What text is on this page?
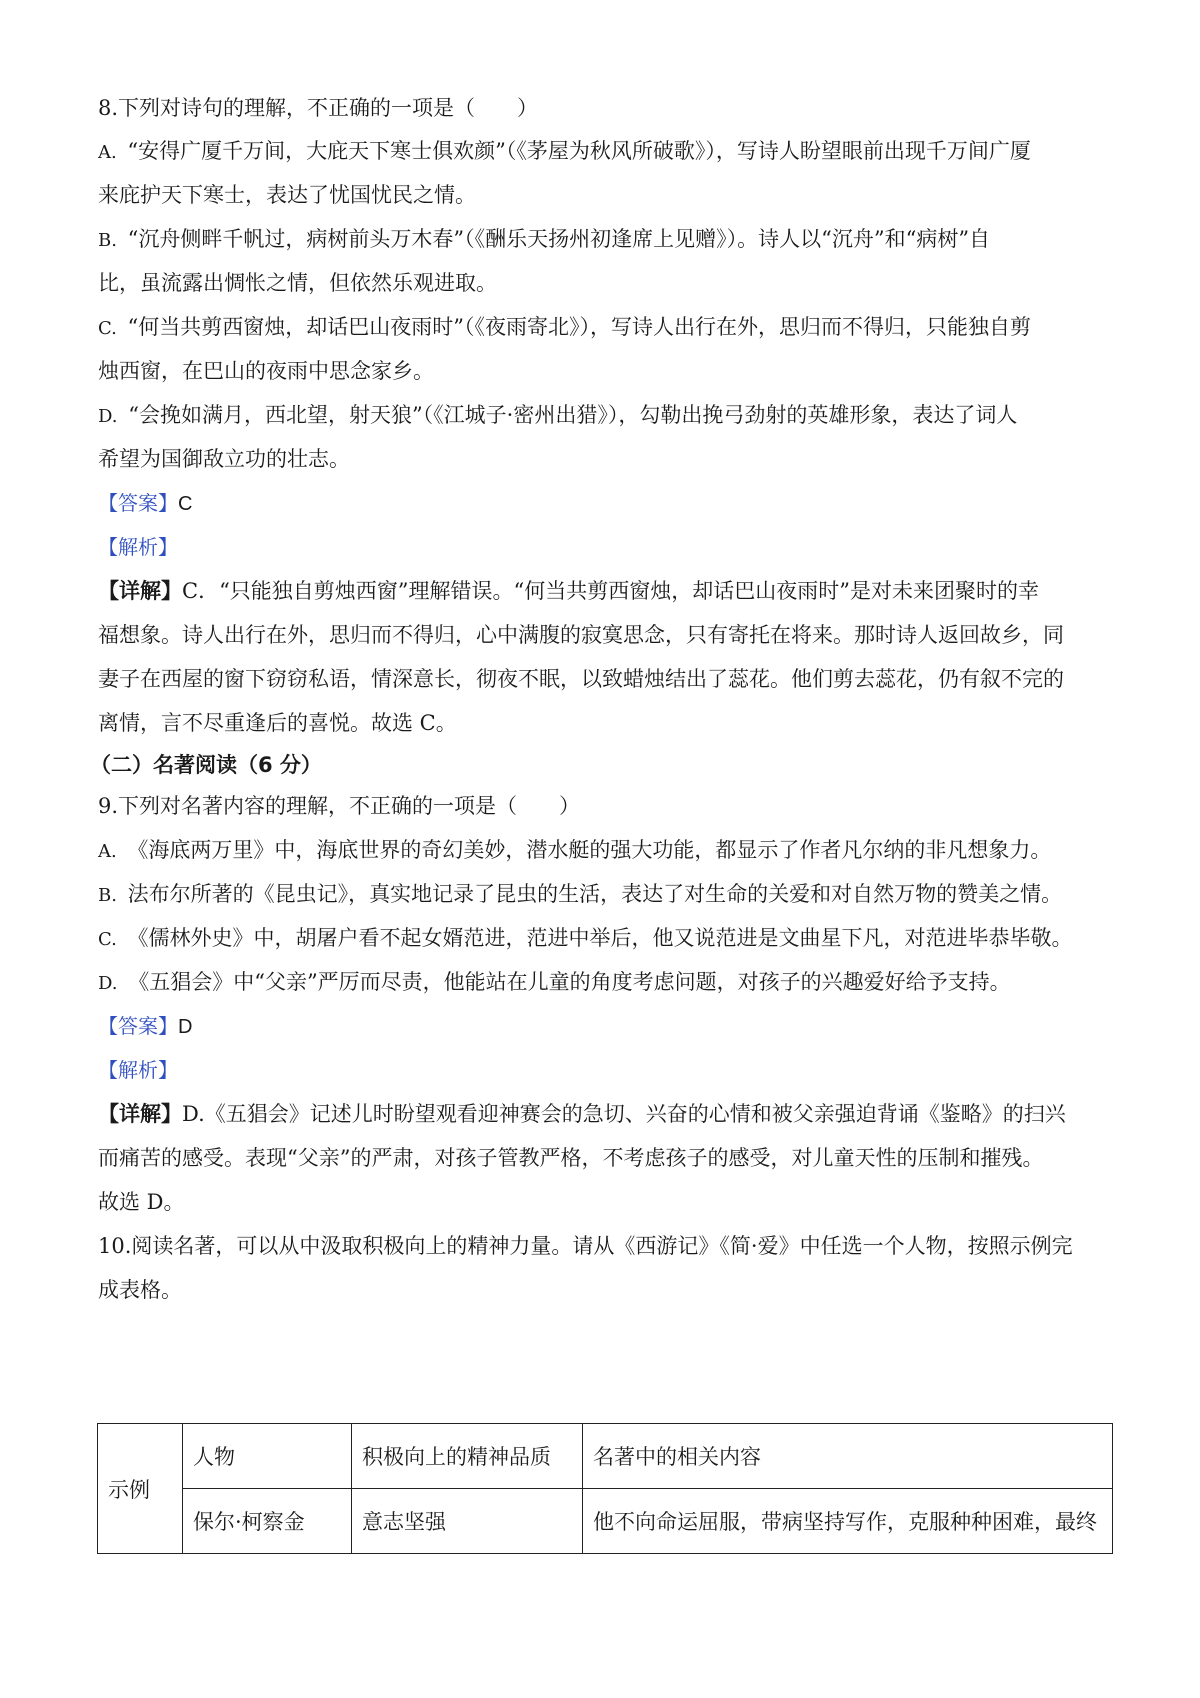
8.下列对诗句的理解，不正确的一项是（　　）
A. “安得广厦千万间，大庇天下寒士俱欢颜”（《茅屋为秋风所破歌》），写诗人盼望眼前出现千万间广厦
来庇护天下寒士，表达了忧国忧民之情。
B. “沉舟侧畔千帆过，病树前头万木春”（《酬乐天扬州初逢席上见赠》）。诗人以“沉舟”和“病树”自
比，虽流露出惆怅之情，但依然乐观进取。
C. “何当共剪西窗烛，却话巴山夜雨时”（《夜雨寄北》），写诗人出行在外，思归而不得归，只能独自剪
烛西窗，在巴山的夜雨中思念家乡。
D. “会挽如满月，西北望，射天狼”（《江城子·密州出猎》），勾勒出挽弓劲射的英雄形象，表达了词人
希望为国御敌立功的壮志。
【答案】C
【解析】
【详解】C．“只能独自剪烛西窗”理解错误。“何当共剪西窗烛，却话巴山夜雨时”是对未来团聚时的幸
福想象。诗人出行在外，思归而不得归，心中满腹的寂寞思念，只有寄托在将来。那时诗人返回故乡，同
妻子在西屋的窗下窃窃私语，情深意长，彻夜不眠，以致蜡烛结出了蕊花。他们剪去蕊花，仍有叙不完的
离情，言不尽重逢后的喜悦。故选 C。
（二）名著阅读（6 分）
9.下列对名著内容的理解，不正确的一项是（　　）
A. 《海底两万里》中，海底世界的奇幻美妙，潜水艇的强大功能，都显示了作者凡尔纳的非凡想象力。
B. 法布尔所著的《昆虫记》，真实地记录了昆虫的生活，表达了对生命的关爱和对自然万物的赞美之情。
C. 《儒林外史》中，胡屠户看不起女婿范进，范进中举后，他又说范进是文曲星下凡，对范进毕恭毕敬。
D. 《五猖会》中“父亲”严厉而尽责，他能站在儿童的角度考虑问题，对孩子的兴趣爱好给予支持。
【答案】D
【解析】
【详解】D.《五猖会》记述儿时盼望观看迎神赛会的急切、兴奋的心情和被父亲强迫背诵《鉴略》的扫兴
而痛苦的感受。表现“父亲”的严肃，对孩子管教严格，不考虑孩子的感受，对儿童天性的压制和摧残。
故选 D。
10.阅读名著，可以从中汲取积极向上的精神力量。请从《西游记》《简·爱》中任选一个人物，按照示例完
成表格。
示例	人物	积极向上的精神品质	名著中的相关内容
	保尔·柯察金	意志坚强	他不向命运屈服，带病坚持写作，克服种种困难，最终
